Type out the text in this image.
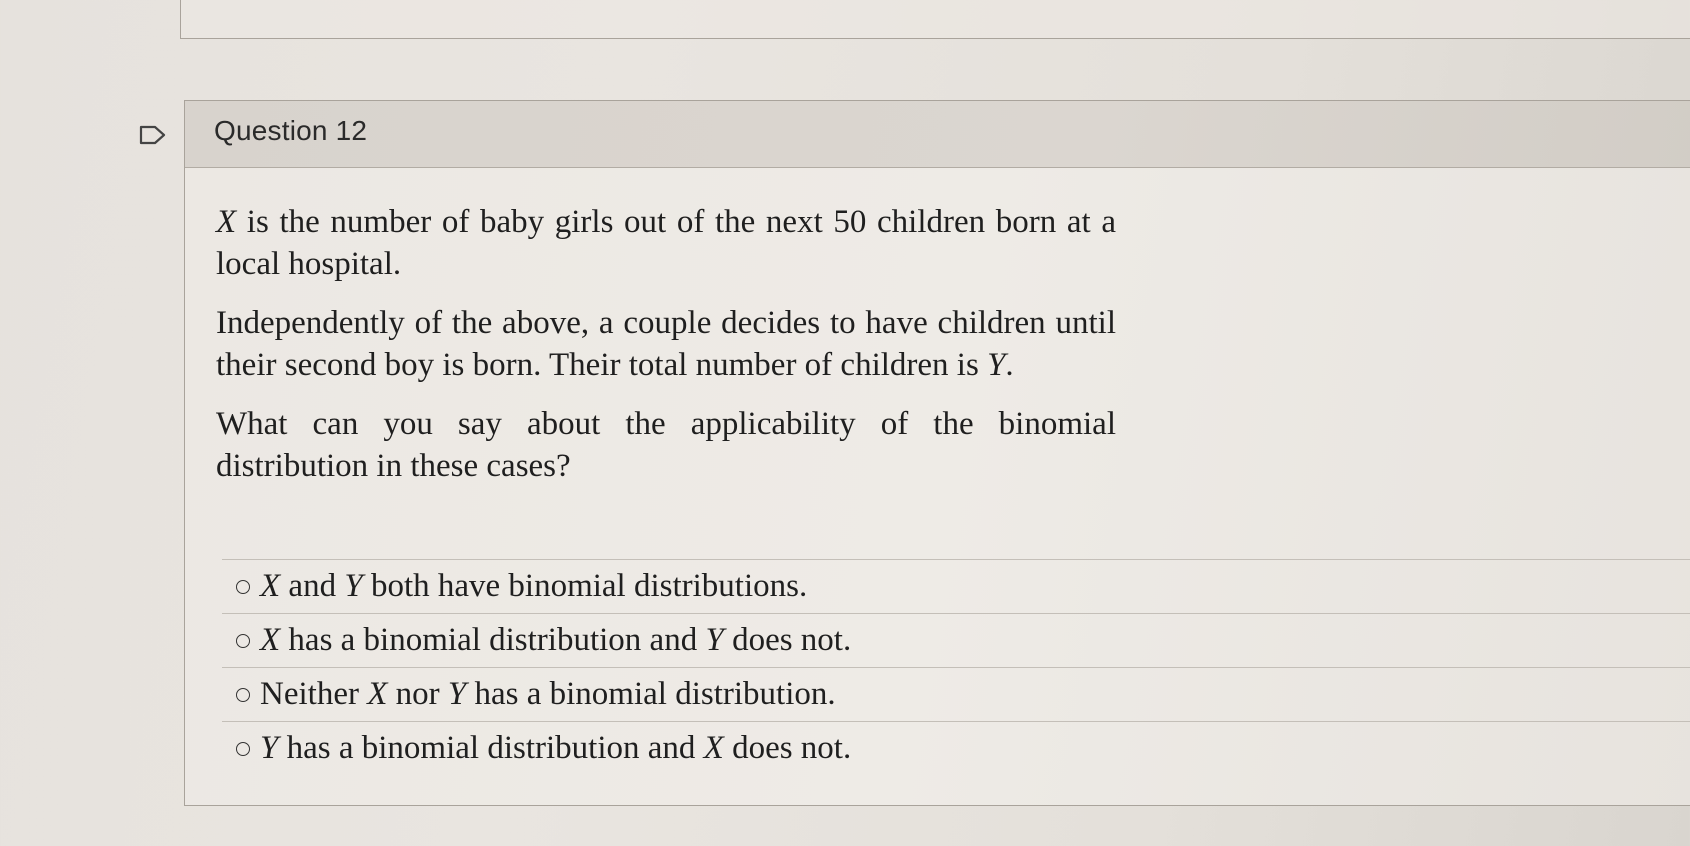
Question 12

X is the number of baby girls out of the next 50 children born at a local hospital.

Independently of the above, a couple decides to have children until their second boy is born. Their total number of children is Y.

What can you say about the applicability of the binomial distribution in these cases?

X and Y both have binomial distributions.
X has a binomial distribution and Y does not.
Neither X nor Y has a binomial distribution.
Y has a binomial distribution and X does not.
